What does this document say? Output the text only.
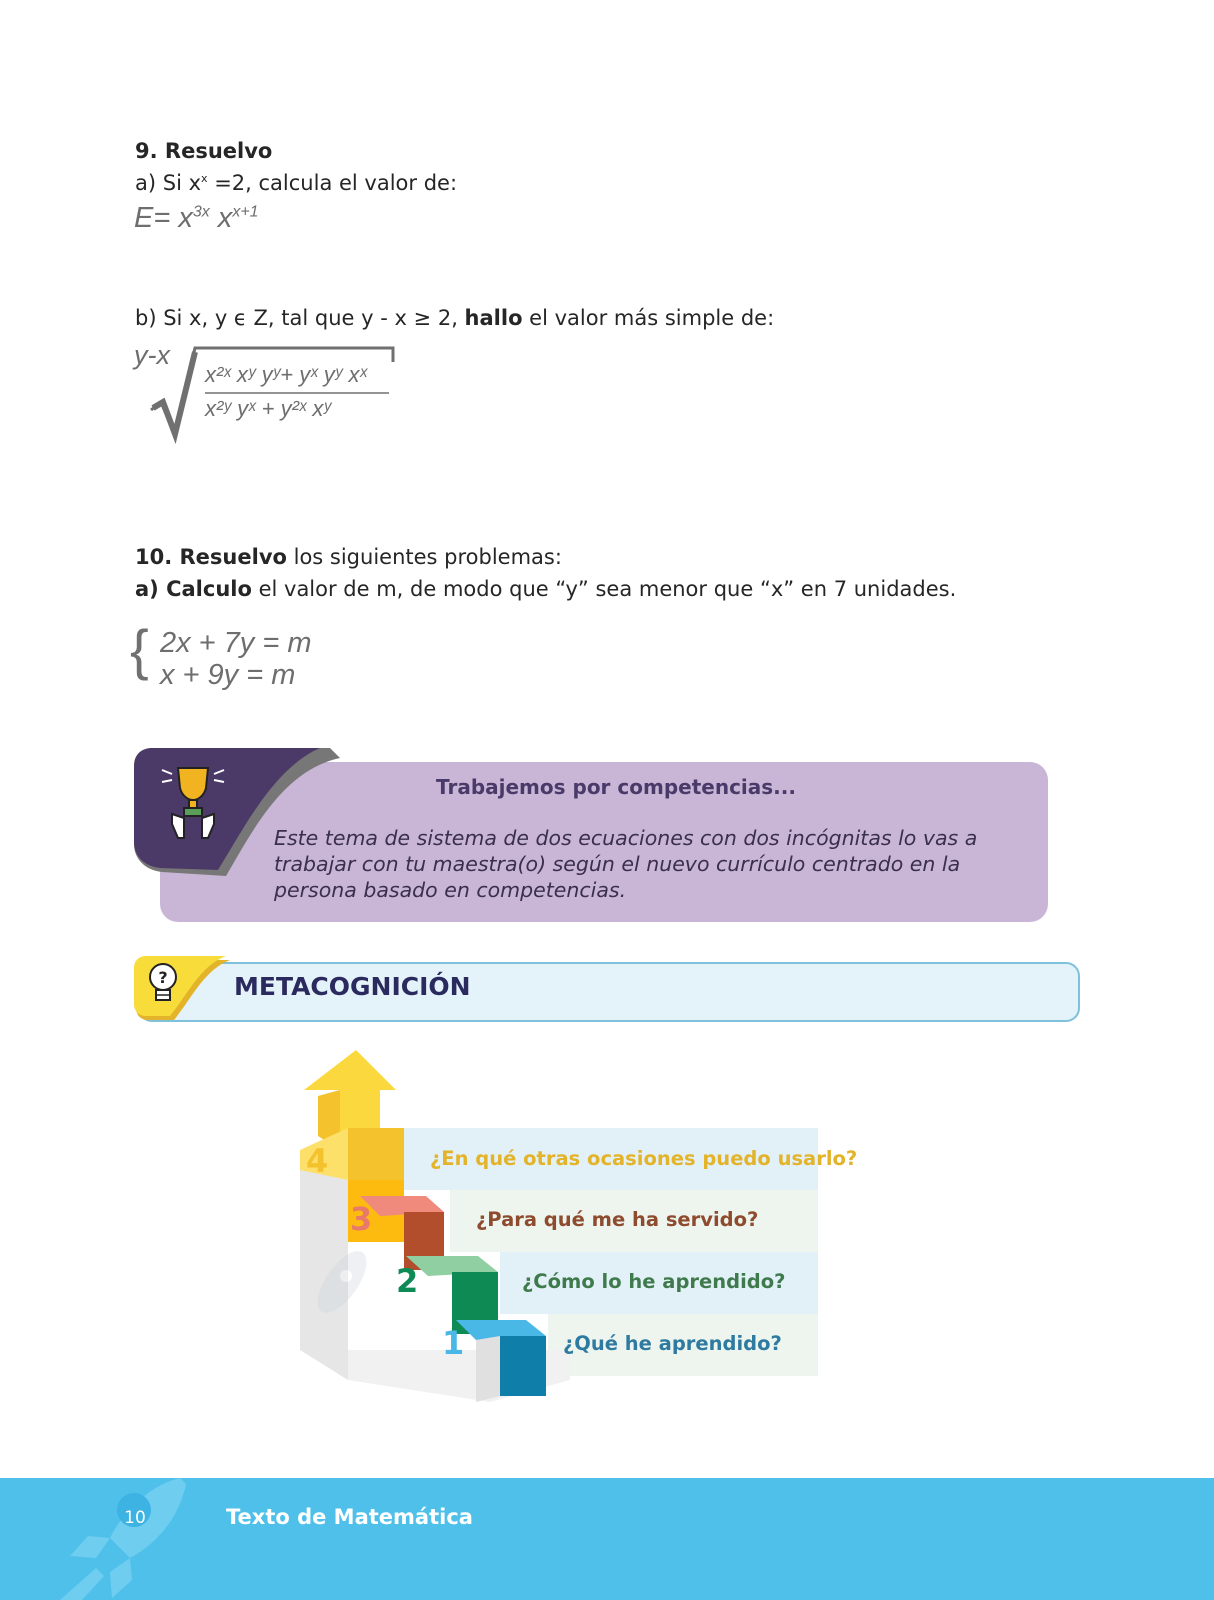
9. Resuelvo
a) Si $x^x =2$, calcula el valor de:
$E= x^{3x}$ $x^{x+1}$
b) Si x, y ϵ Z, tal que y - x ≥ 2, hallo el valor más simple de:
y-x
x²ˣ xʸ yʸ+ yˣ yʸ xˣ
x²ʸ yˣ + y²ˣ xʸ
10. Resuelvo los siguientes problemas:
a) Calculo el valor de m, de modo que “y” sea menor que “x” en 7 unidades.
{ 2x + 7y = m
x + 9y = m
Trabajemos por competencias...
Este tema de sistema de dos ecuaciones con dos incógnitas lo vas a trabajar con tu maestra(o) según el nuevo currículo centrado en la persona basado en competencias.
?	METACOGNICIÓN
4
3
2
1
¿En qué otras ocasiones puedo usarlo?
¿Para qué me ha servido?
¿Cómo lo he aprendido?
¿Qué he aprendido?
10	Texto de Matemática
